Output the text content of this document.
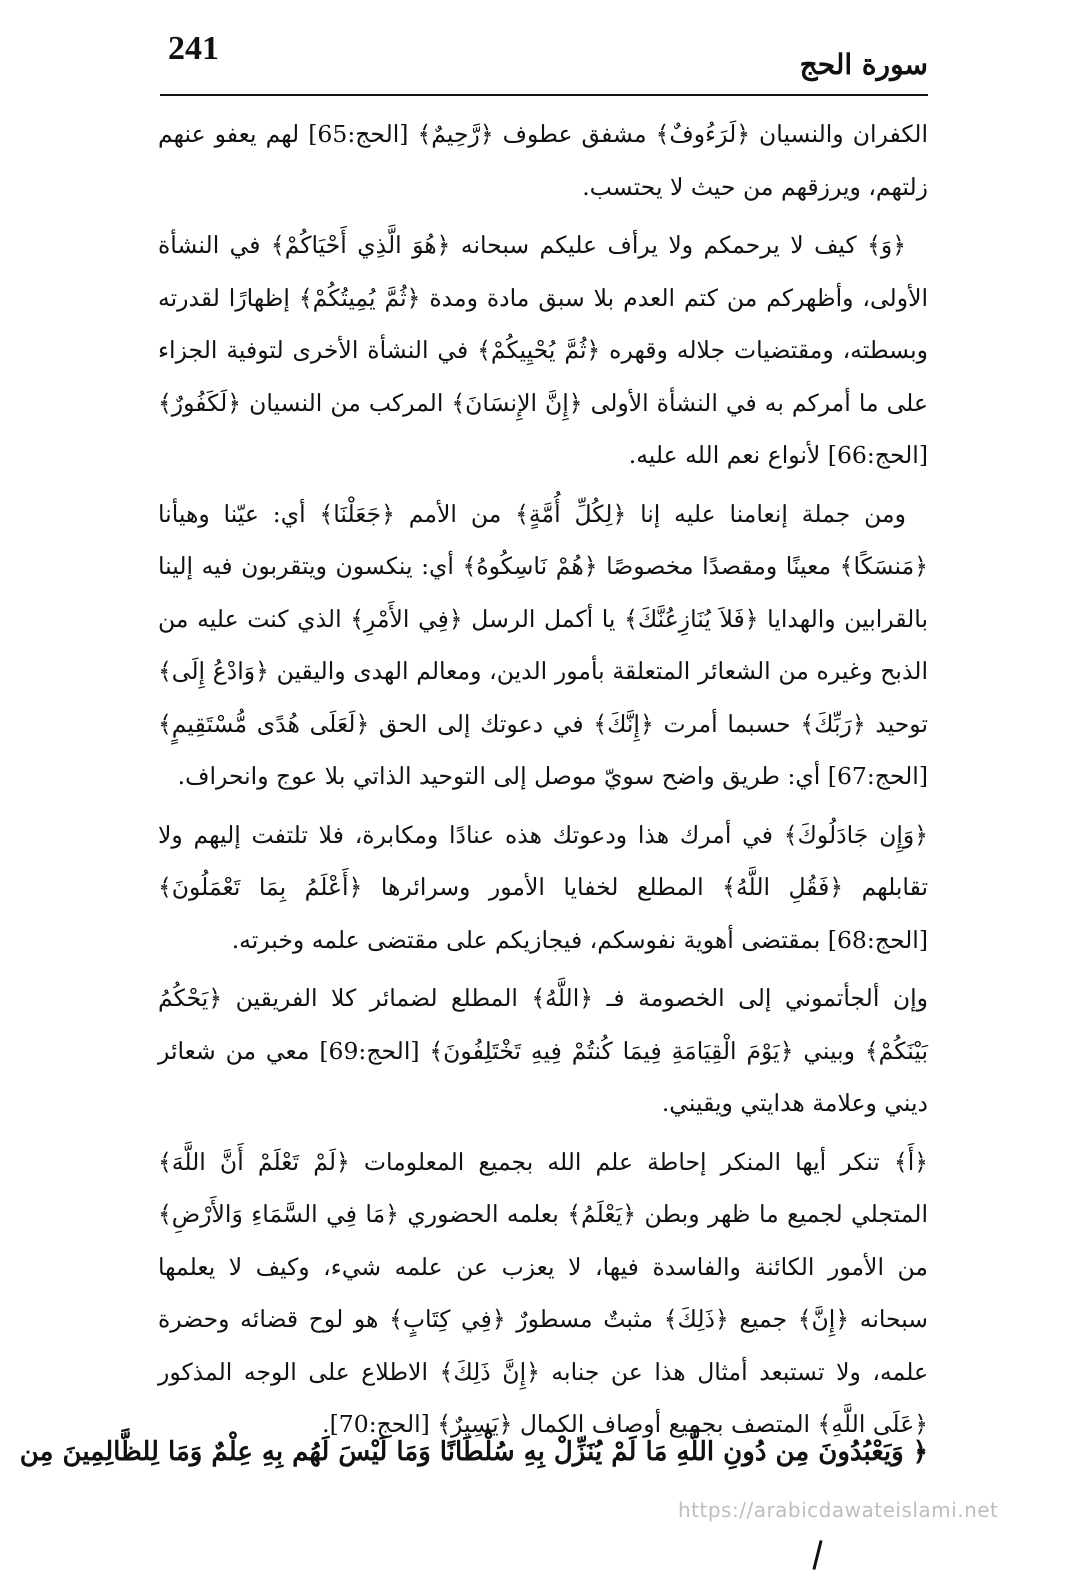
241	سورة الحج

الكفران والنسيان ﴿لَرَءُوفٌ﴾ مشفق عطوف ﴿رَّحِيمٌ﴾ [الحج:65] لهم يعفو عنهم زلتهم، ويرزقهم من حيث لا يحتسب.

﴿وَ﴾ كيف لا يرحمكم ولا يرأف عليكم سبحانه ﴿هُوَ الَّذِي أَحْيَاكُمْ﴾ في النشأة الأولى، وأظهركم من كتم العدم بلا سبق مادة ومدة ﴿ثُمَّ يُمِيتُكُمْ﴾ إظهارًا لقدرته وبسطته، ومقتضيات جلاله وقهره ﴿ثُمَّ يُحْيِيكُمْ﴾ في النشأة الأخرى لتوفية الجزاء على ما أمركم به في النشأة الأولى ﴿إِنَّ الإِنسَانَ﴾ المركب من النسيان ﴿لَكَفُورٌ﴾ [الحج:66] لأنواع نعم الله عليه.

ومن جملة إنعامنا عليه إنا ﴿لِكُلِّ أُمَّةٍ﴾ من الأمم ﴿جَعَلْنَا﴾ أي: عيّنا وهيأنا ﴿مَنسَكًا﴾ معينًا ومقصدًا مخصوصًا ﴿هُمْ نَاسِكُوهُ﴾ أي: ينكسون ويتقربون فيه إلينا بالقرابين والهدايا ﴿فَلاَ يُنَازِعُنَّكَ﴾ يا أكمل الرسل ﴿فِي الأَمْرِ﴾ الذي كنت عليه من الذبح وغيره من الشعائر المتعلقة بأمور الدين، ومعالم الهدى واليقين ﴿وَادْعُ إِلَى﴾ توحيد ﴿رَبِّكَ﴾ حسبما أمرت ﴿إِنَّكَ﴾ في دعوتك إلى الحق ﴿لَعَلَى هُدًى مُّسْتَقِيمٍ﴾ [الحج:67] أي: طريق واضح سويّ موصل إلى التوحيد الذاتي بلا عوج وانحراف.

﴿وَإِن جَادَلُوكَ﴾ في أمرك هذا ودعوتك هذه عنادًا ومكابرة، فلا تلتفت إليهم ولا تقابلهم ﴿فَقُلِ اللَّهُ﴾ المطلع لخفايا الأمور وسرائرها ﴿أَعْلَمُ بِمَا تَعْمَلُونَ﴾ [الحج:68] بمقتضى أهوية نفوسكم، فيجازيكم على مقتضى علمه وخبرته.

وإن ألجأتموني إلى الخصومة فـ ﴿اللَّهُ﴾ المطلع لضمائر كلا الفريقين ﴿يَحْكُمُ بَيْنَكُمْ﴾ وبيني ﴿يَوْمَ الْقِيَامَةِ فِيمَا كُنتُمْ فِيهِ تَخْتَلِفُونَ﴾ [الحج:69] معي من شعائر ديني وعلامة هدايتي ويقيني.

﴿أَ﴾ تنكر أيها المنكر إحاطة علم الله بجميع المعلومات ﴿لَمْ تَعْلَمْ أَنَّ اللَّهَ﴾ المتجلي لجميع ما ظهر وبطن ﴿يَعْلَمُ﴾ بعلمه الحضوري ﴿مَا فِي السَّمَاءِ وَالأَرْضِ﴾ من الأمور الكائنة والفاسدة فيها، لا يعزب عن علمه شيء، وكيف لا يعلمها سبحانه ﴿إِنَّ﴾ جميع ﴿ذَلِكَ﴾ مثبتٌ مسطورٌ ﴿فِي كِتَابٍ﴾ هو لوح قضائه وحضرة علمه، ولا تستبعد أمثال هذا عن جنابه ﴿إِنَّ ذَلِكَ﴾ الاطلاع على الوجه المذكور ﴿عَلَى اللَّهِ﴾ المتصف بجميع أوصاف الكمال ﴿يَسِيرٌ﴾ [الحج:70].

﴿ وَيَعْبُدُونَ مِن دُونِ اللَّهِ مَا لَمْ يُنَزِّلْ بِهِ سُلْطَانًا وَمَا لَيْسَ لَهُم بِهِ عِلْمٌ وَمَا لِلظَّالِمِينَ مِن
https://arabicdawateislami.net
